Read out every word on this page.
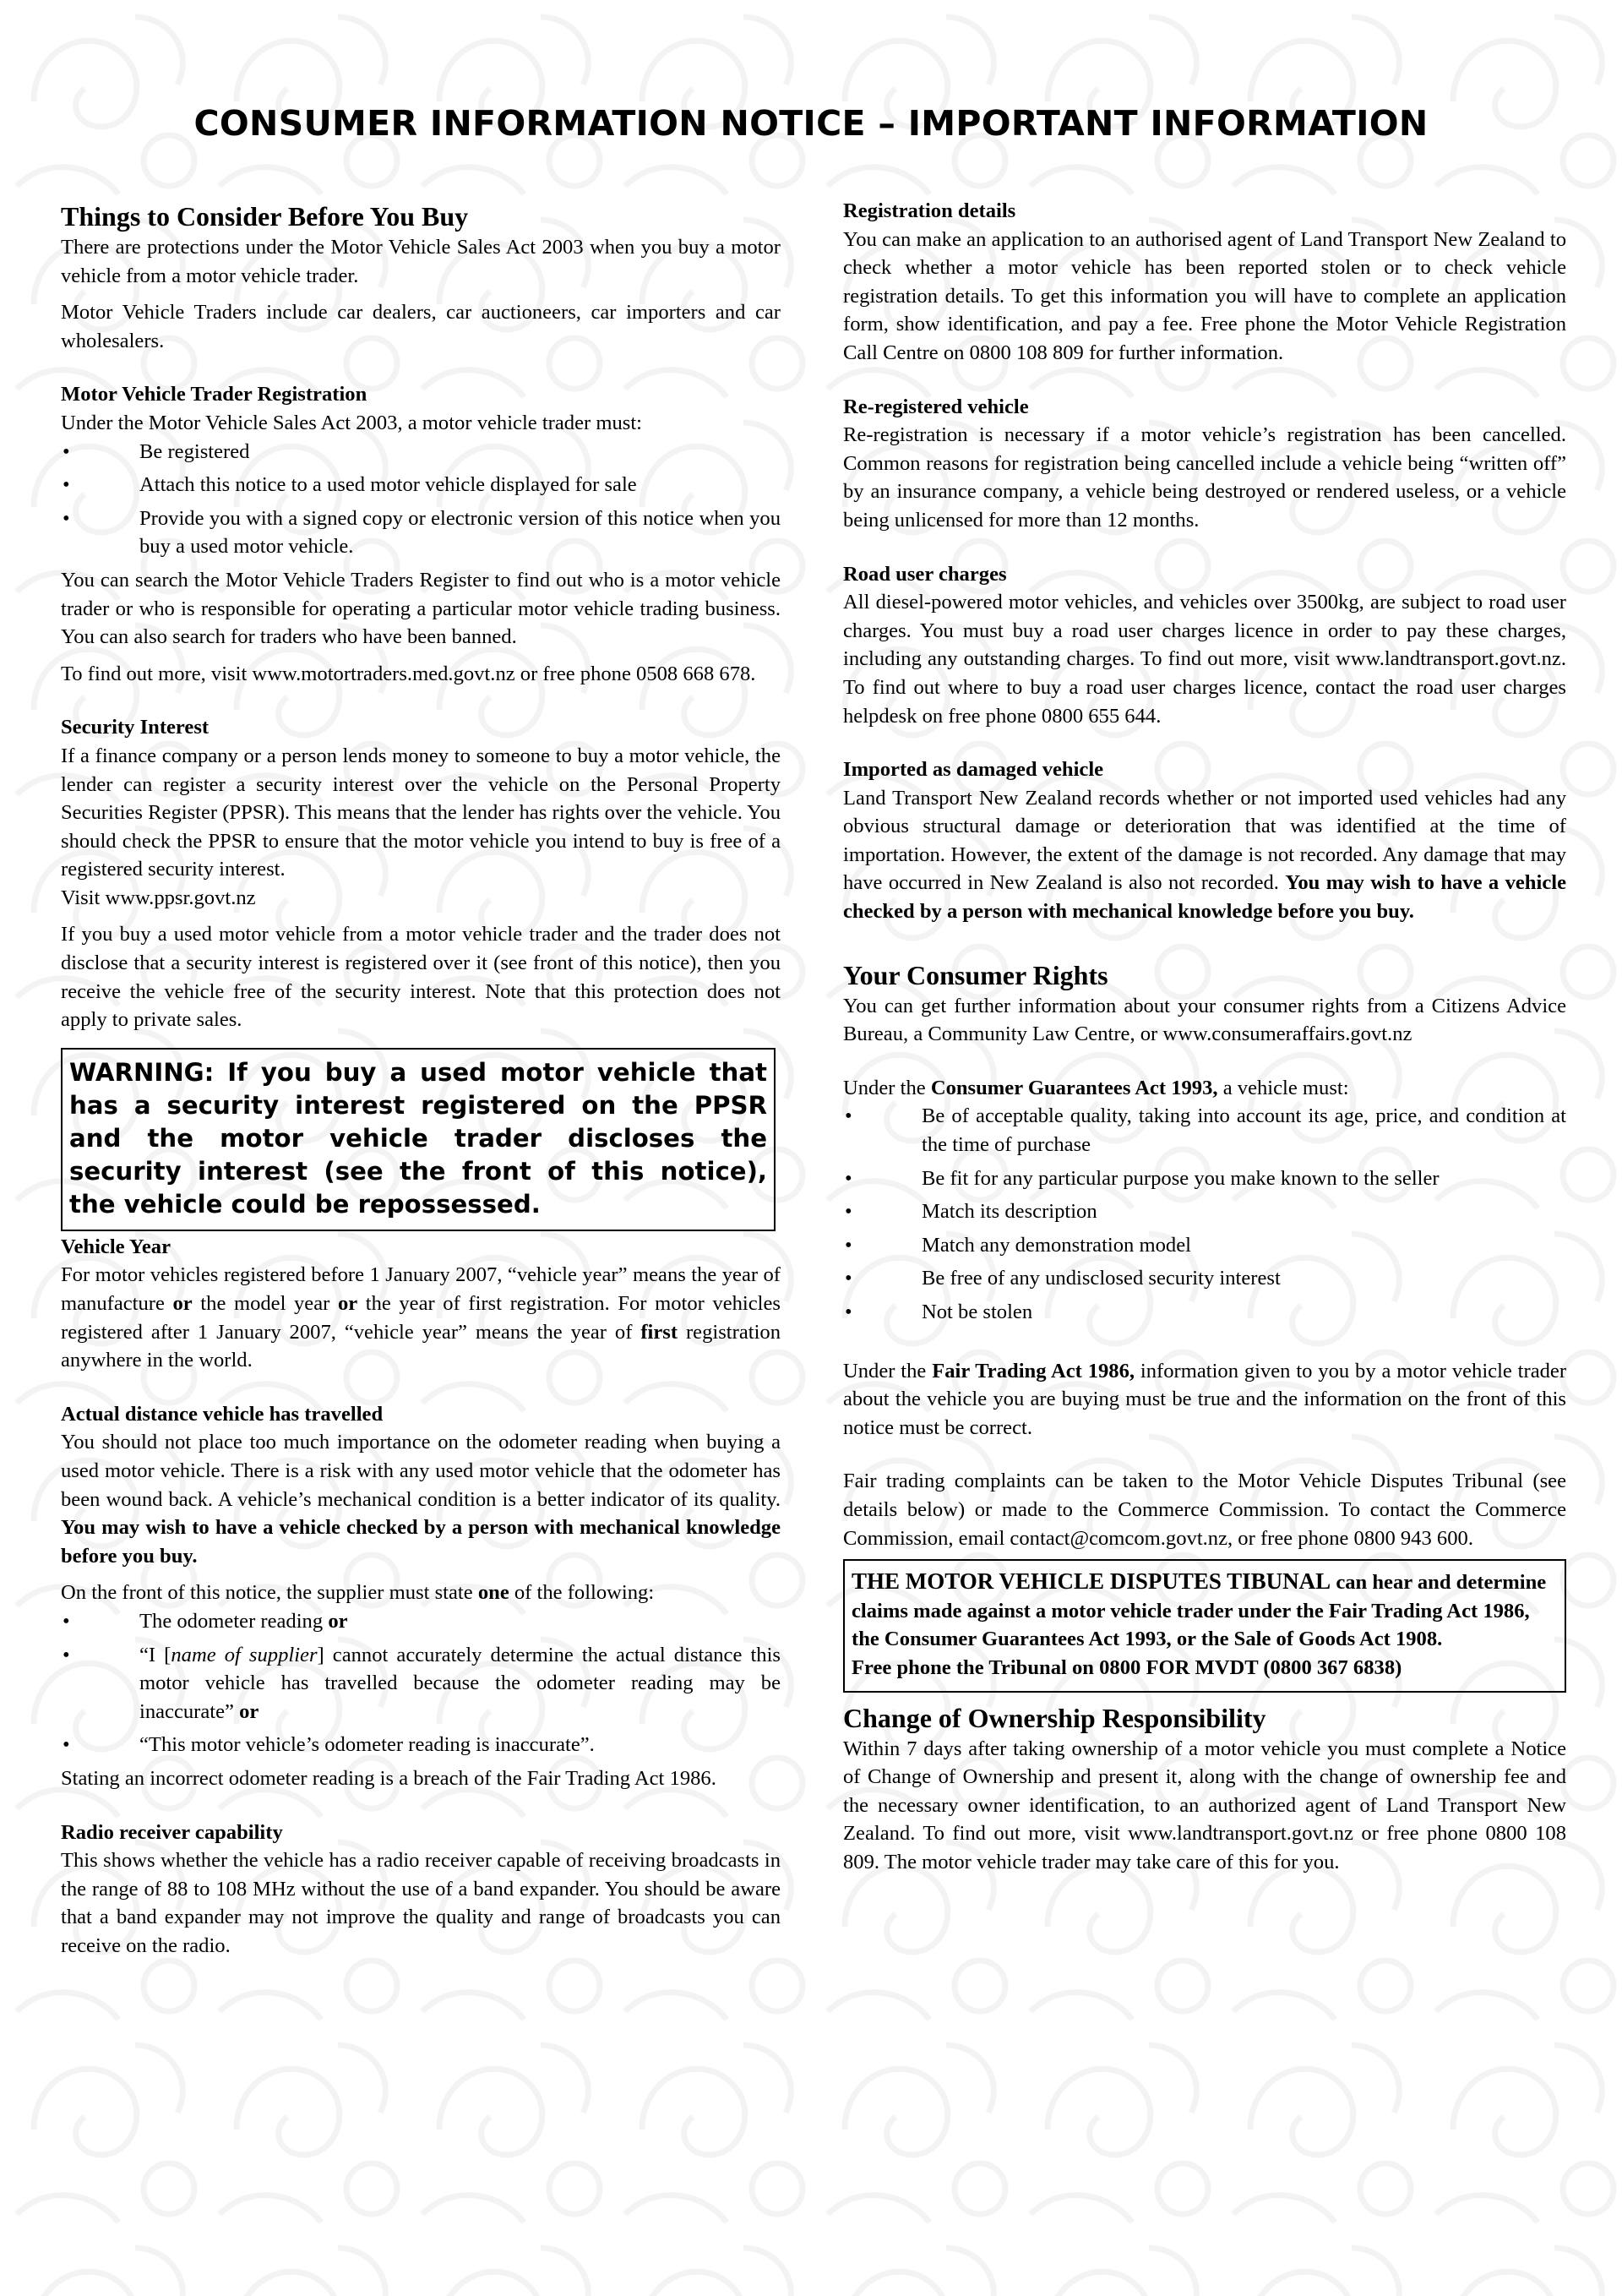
CONSUMER INFORMATION NOTICE – IMPORTANT INFORMATION
Things to Consider Before You Buy

There are protections under the Motor Vehicle Sales Act 2003 when you buy a motor vehicle from a motor vehicle trader.

Motor Vehicle Traders include car dealers, car auctioneers, car importers and car wholesalers.

Motor Vehicle Trader Registration

Under the Motor Vehicle Sales Act 2003, a motor vehicle trader must:

• Be registered
• Attach this notice to a used motor vehicle displayed for sale
• Provide you with a signed copy or electronic version of this notice when you buy a used motor vehicle.

You can search the Motor Vehicle Traders Register to find out who is a motor vehicle trader or who is responsible for operating a particular motor vehicle trading business. You can also search for traders who have been banned.

To find out more, visit www.motortraders.med.govt.nz or free phone 0508 668 678.

Security Interest

If a finance company or a person lends money to someone to buy a motor vehicle, the lender can register a security interest over the vehicle on the Personal Property Securities Register (PPSR). This means that the lender has rights over the vehicle. You should check the PPSR to ensure that the motor vehicle you intend to buy is free of a registered security interest.

Visit www.ppsr.govt.nz

If you buy a used motor vehicle from a motor vehicle trader and the trader does not disclose that a security interest is registered over it (see front of this notice), then you receive the vehicle free of the security interest. Note that this protection does not apply to private sales.

WARNING: If you buy a used motor vehicle that has a security interest registered on the PPSR and the motor vehicle trader discloses the security interest (see the front of this notice), the vehicle could be repossessed.
Vehicle Year

For motor vehicles registered before 1 January 2007, “vehicle year” means the year of manufacture or the model year or the year of first registration. For motor vehicles registered after 1 January 2007, “vehicle year” means the year of first registration anywhere in the world.

Actual distance vehicle has travelled

You should not place too much importance on the odometer reading when buying a used motor vehicle. There is a risk with any used motor vehicle that the odometer has been wound back. A vehicle’s mechanical condition is a better indicator of its quality. You may wish to have a vehicle checked by a person with mechanical knowledge before you buy.

On the front of this notice, the supplier must state one of the following:

• The odometer reading or
• “I [name of supplier] cannot accurately determine the actual distance this motor vehicle has travelled because the odometer reading may be inaccurate” or
• “This motor vehicle’s odometer reading is inaccurate”.

Stating an incorrect odometer reading is a breach of the Fair Trading Act 1986.

Radio receiver capability

This shows whether the vehicle has a radio receiver capable of receiving broadcasts in the range of 88 to 108 MHz without the use of a band expander. You should be aware that a band expander may not improve the quality and range of broadcasts you can receive on the radio.

Registration details

You can make an application to an authorised agent of Land Transport New Zealand to check whether a motor vehicle has been reported stolen or to check vehicle registration details. To get this information you will have to complete an application form, show identification, and pay a fee. Free phone the Motor Vehicle Registration Call Centre on 0800 108 809 for further information.

Re-registered vehicle

Re-registration is necessary if a motor vehicle’s registration has been cancelled. Common reasons for registration being cancelled include a vehicle being “written off” by an insurance company, a vehicle being destroyed or rendered useless, or a vehicle being unlicensed for more than 12 months.

Road user charges

All diesel-powered motor vehicles, and vehicles over 3500kg, are subject to road user charges. You must buy a road user charges licence in order to pay these charges, including any outstanding charges. To find out more, visit www.landtransport.govt.nz. To find out where to buy a road user charges licence, contact the road user charges helpdesk on free phone 0800 655 644.

Imported as damaged vehicle

Land Transport New Zealand records whether or not imported used vehicles had any obvious structural damage or deterioration that was identified at the time of importation. However, the extent of the damage is not recorded. Any damage that may have occurred in New Zealand is also not recorded. You may wish to have a vehicle checked by a person with mechanical knowledge before you buy.

Your Consumer Rights

You can get further information about your consumer rights from a Citizens Advice Bureau, a Community Law Centre, or www.consumeraffairs.govt.nz

Under the Consumer Guarantees Act 1993, a vehicle must:

• Be of acceptable quality, taking into account its age, price, and condition at the time of purchase
• Be fit for any particular purpose you make known to the seller
• Match its description
• Match any demonstration model
• Be free of any undisclosed security interest
• Not be stolen

Under the Fair Trading Act 1986, information given to you by a motor vehicle trader about the vehicle you are buying must be true and the information on the front of this notice must be correct.

Fair trading complaints can be taken to the Motor Vehicle Disputes Tribunal (see details below) or made to the Commerce Commission. To contact the Commerce Commission, email contact@comcom.govt.nz, or free phone 0800 943 600.

THE MOTOR VEHICLE DISPUTES TIBUNAL can hear and determine claims made against a motor vehicle trader under the Fair Trading Act 1986, the Consumer Guarantees Act 1993, or the Sale of Goods Act 1908.
Free phone the Tribunal on 0800 FOR MVDT (0800 367 6838)
Change of Ownership Responsibility

Within 7 days after taking ownership of a motor vehicle you must complete a Notice of Change of Ownership and present it, along with the change of ownership fee and the necessary owner identification, to an authorized agent of Land Transport New Zealand. To find out more, visit www.landtransport.govt.nz or free phone 0800 108 809. The motor vehicle trader may take care of this for you.
